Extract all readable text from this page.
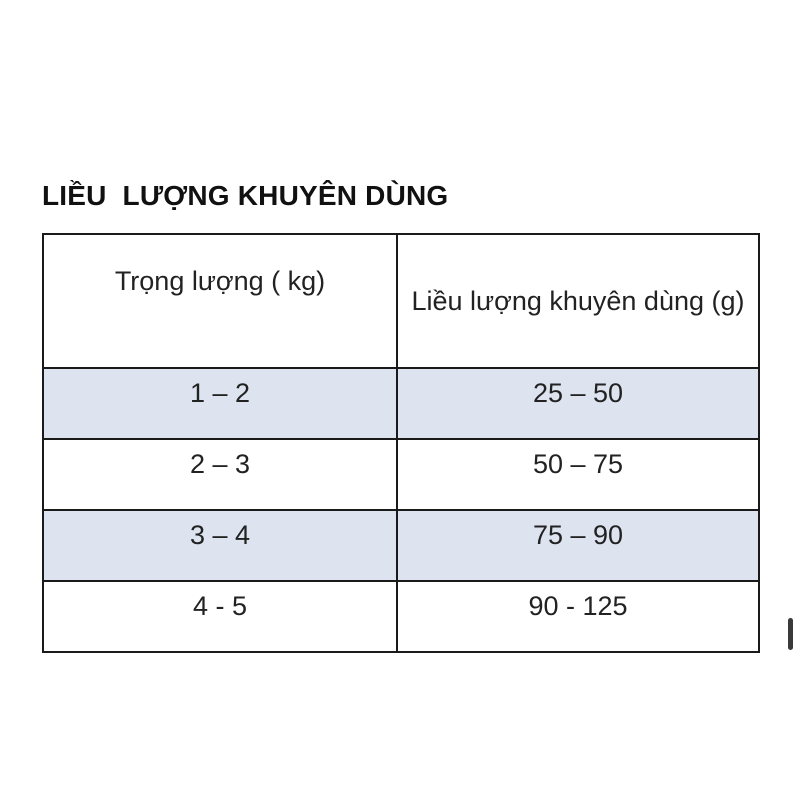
LIỀU  LƯỢNG KHUYÊN DÙNG
Trọng lượng ( kg)	Liều lượng khuyên dùng (g)
1 – 2	25 – 50
2 – 3	50 – 75
3 – 4	75 – 90
4 - 5	90 - 125
